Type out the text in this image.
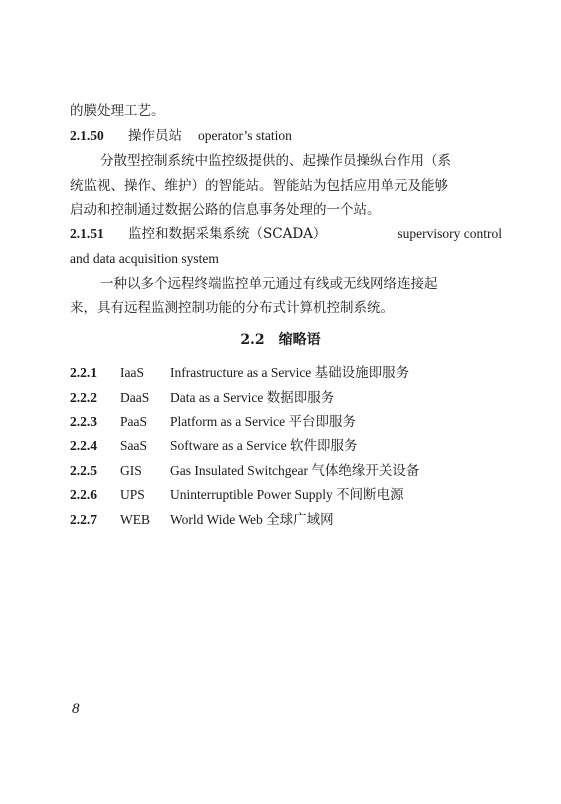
的膜处理工艺。
2.1.50 操作员站 operator’s station
分散型控制系统中监控级提供的、起操作员操纵台作用（系
统监视、操作、维护）的智能站。智能站为包括应用单元及能够
启动和控制通过数据公路的信息事务处理的一个站。
2.1.51 监控和数据采集系统（SCADA）	supervisory control
and data acquisition system
一种以多个远程终端监控单元通过有线或无线网络连接起
来，具有远程监测控制功能的分布式计算机控制系统。
2.2 缩略语
2.2.1 IaaS Infrastructure as a Service 基础设施即服务
2.2.2 DaaS Data as a Service 数据即服务
2.2.3 PaaS Platform as a Service 平台即服务
2.2.4 SaaS Software as a Service 软件即服务
2.2.5 GIS Gas Insulated Switchgear 气体绝缘开关设备
2.2.6 UPS Uninterruptible Power Supply 不间断电源
2.2.7 WEB World Wide Web 全球广域网
8
